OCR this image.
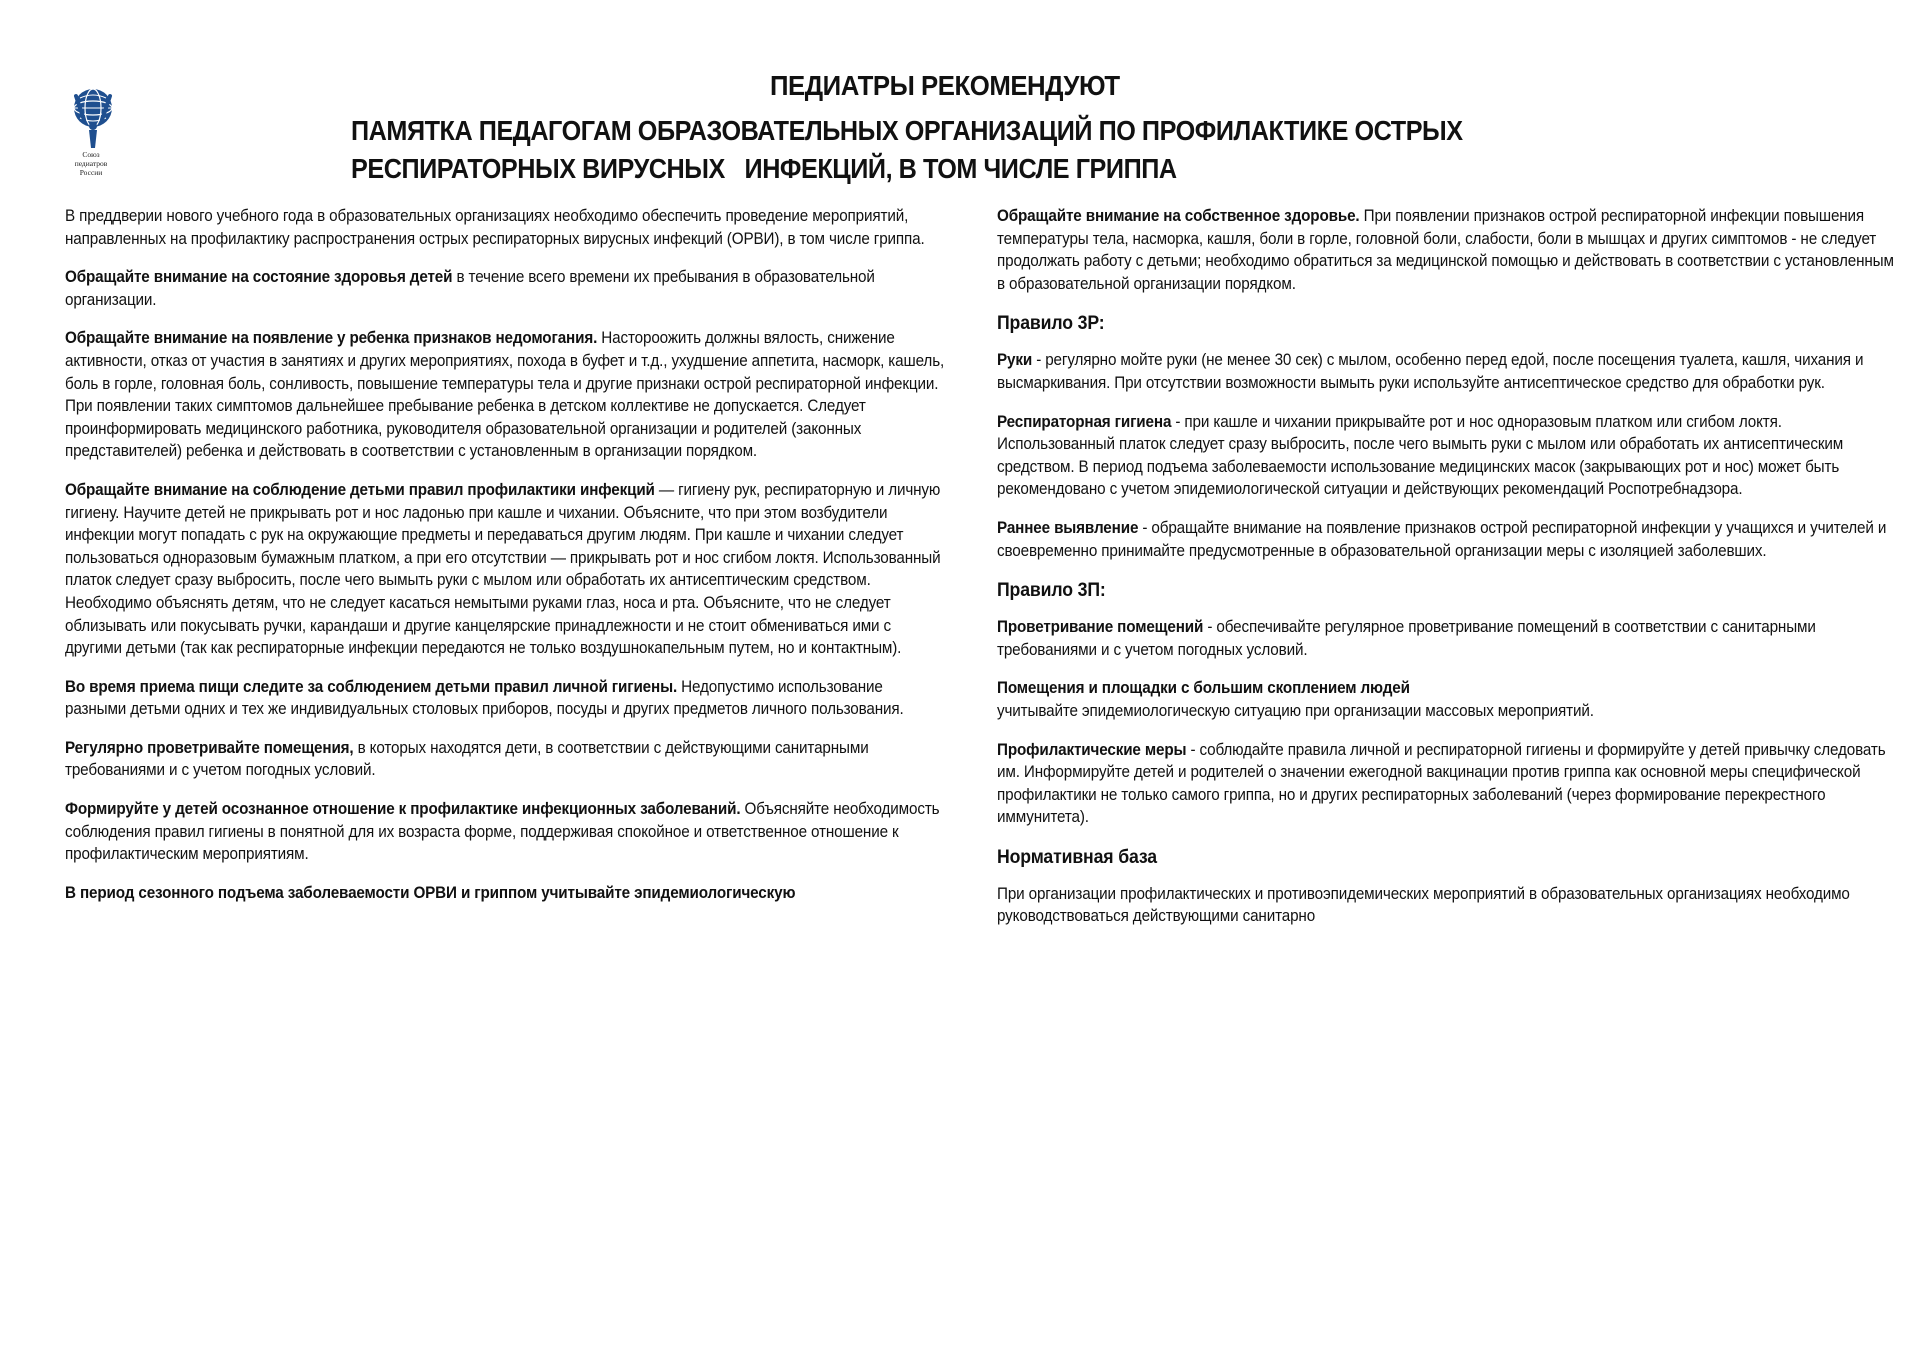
Союз
педиатров
России
ПЕДИАТРЫ РЕКОМЕНДУЮТ
ПАМЯТКА ПЕДАГОГАМ ОБРАЗОВАТЕЛЬНЫХ ОРГАНИЗАЦИЙ ПО ПРОФИЛАКТИКЕ ОСТРЫХ
РЕСПИРАТОРНЫХ ВИРУСНЫХ   ИНФЕКЦИЙ, В ТОМ ЧИСЛЕ ГРИППА

В преддверии нового учебного года в образовательных организациях необходимо обеспечить проведение мероприятий, направленных на профилактику распространения острых респираторных вирусных инфекций (ОРВИ), в том числе гриппа.

Обращайте внимание на состояние здоровья детей в течение всего времени их пребывания в образовательной организации.

Обращайте внимание на появление у ребенка признаков недомогания. Настороожить должны вялость, снижение активности, отказ от участия в занятиях и других мероприятиях, похода в буфет и т.д., ухудшение аппетита, насморк, кашель, боль в горле, головная боль, сонливость, повышение температуры тела и другие признаки острой респираторной инфекции. При появлении таких симптомов дальнейшее пребывание ребенка в детском коллективе не допускается. Следует проинформировать медицинского работника, руководителя образовательной организации и родителей (законных представителей) ребенка и действовать в соответствии с установленным в организации порядком.

Обращайте внимание на соблюдение детьми правил профилактики инфекций — гигиену рук, респираторную и личную гигиену. Научите детей не прикрывать рот и нос ладонью при кашле и чихании. Объясните, что при этом возбудители инфекции могут попадать с рук на окружающие предметы и передаваться другим людям. При кашле и чихании следует пользоваться одноразовым бумажным платком, а при его отсутствии — прикрывать рот и нос сгибом локтя. Использованный платок следует сразу выбросить, после чего вымыть руки с мылом или обработать их антисептическим средством. Необходимо объяснять детям, что не следует касаться немытыми руками глаз, носа и рта. Объясните, что не следует облизывать или покусывать ручки, карандаши и другие канцелярские принадлежности и не стоит обмениваться ими с другими детьми (так как респираторные инфекции передаются не только воздушнокапельным путем, но и контактным).

Во время приема пищи следите за соблюдением детьми правил личной гигиены. Недопустимо использование разными детьми одних и тех же индивидуальных столовых приборов, посуды и других предметов личного пользования.

Регулярно проветривайте помещения, в которых находятся дети, в соответствии с действующими санитарными требованиями и с учетом погодных условий.

Формируйте у детей осознанное отношение к профилактике инфекционных заболеваний. Объясняйте необходимость соблюдения правил гигиены в понятной для их возраста форме, поддерживая спокойное и ответственное отношение к профилактическим мероприятиям.

В период сезонного подъема заболеваемости ОРВИ и гриппом учитывайте эпидемиологическую

Обращайте внимание на собственное здоровье. При появлении признаков острой респираторной инфекции повышения температуры тела, насморка, кашля, боли в горле, головной боли, слабости, боли в мышцах и других симптомов - не следует продолжать работу с детьми; необходимо обратиться за медицинской помощью и действовать в соответствии с установленным в образовательной организации порядком.

Правило 3Р:

Руки - регулярно мойте руки (не менее 30 сек) с мылом, особенно перед едой, после посещения туалета, кашля, чихания и высмаркивания. При отсутствии возможности вымыть руки используйте антисептическое средство для обработки рук.

Респираторная гигиена - при кашле и чихании прикрывайте рот и нос одноразовым платком или сгибом локтя. Использованный платок следует сразу выбросить, после чего вымыть руки с мылом или обработать их антисептическим средством. В период подъема заболеваемости использование медицинских масок (закрывающих рот и нос) может быть рекомендовано с учетом эпидемиологической ситуации и действующих рекомендаций Роспотребнадзора.

Раннее выявление - обращайте внимание на появление признаков острой респираторной инфекции у учащихся и учителей и своевременно принимайте предусмотренные в образовательной организации меры с изоляцией заболевших.

Правило 3П:

Проветривание помещений - обеспечивайте регулярное проветривание помещений в соответствии с санитарными требованиями и с учетом погодных условий.

Помещения и площадки с большим скоплением людей
учитывайте эпидемиологическую ситуацию при организации массовых мероприятий.

Профилактические меры - соблюдайте правила личной и респираторной гигиены и формируйте у детей привычку следовать им. Информируйте детей и родителей о значении ежегодной вакцинации против гриппа как основной меры специфической профилактики не только самого гриппа, но и других респираторных заболеваний (через формирование перекрестного иммунитета).

Нормативная база

При организации профилактических и противоэпидемических мероприятий в образовательных организациях необходимо руководствоваться действующими санитарно
